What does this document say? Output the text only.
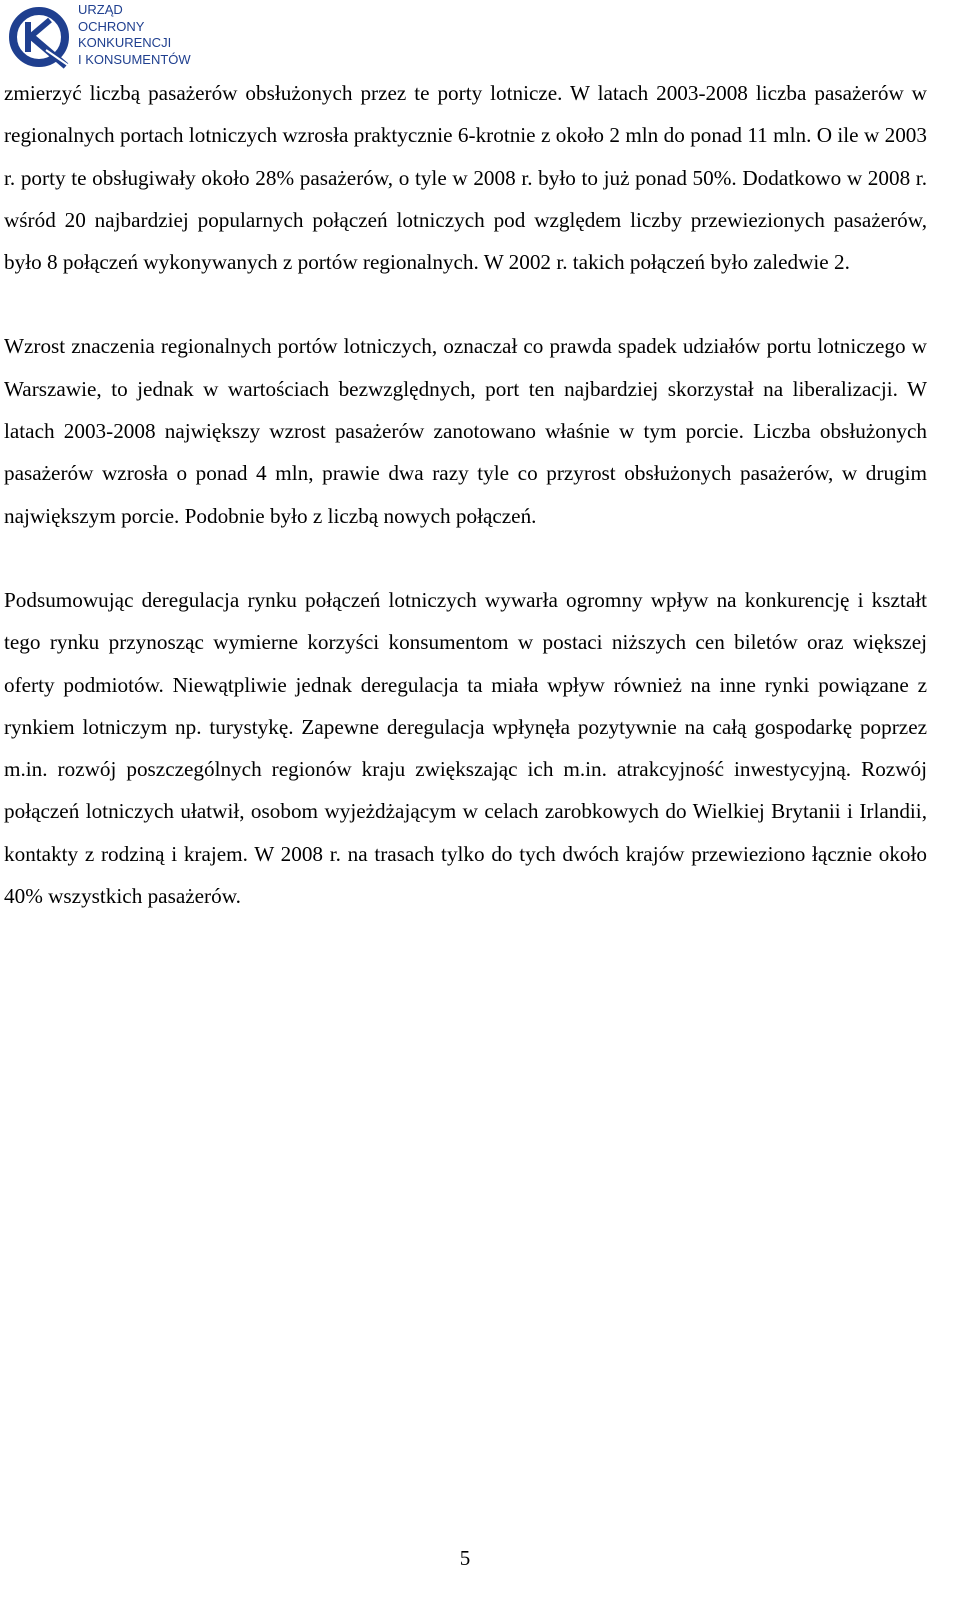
URZĄD
OCHRONY
KONKURENCJI
I KONSUMENTÓW

zmierzyć liczbą pasażerów obsłużonych przez te porty lotnicze. W latach 2003-2008 liczba pasażerów w regionalnych portach lotniczych wzrosła praktycznie 6-krotnie z około 2 mln do ponad 11 mln. O ile w 2003 r. porty te obsługiwały około 28% pasażerów, o tyle w 2008 r. było to już ponad 50%. Dodatkowo w 2008 r. wśród 20 najbardziej popularnych połączeń lotniczych pod względem liczby przewiezionych pasażerów, było 8 połączeń wykonywanych z portów regionalnych. W 2002 r. takich połączeń było zaledwie 2.

Wzrost znaczenia regionalnych portów lotniczych, oznaczał co prawda spadek udziałów portu lotniczego w Warszawie, to jednak w wartościach bezwzględnych, port ten najbardziej skorzystał na liberalizacji. W latach 2003-2008 największy wzrost pasażerów zanotowano właśnie w tym porcie. Liczba obsłużonych pasażerów wzrosła o ponad 4 mln, prawie dwa razy tyle co przyrost obsłużonych pasażerów, w drugim największym porcie. Podobnie było z liczbą nowych połączeń.

Podsumowując deregulacja rynku połączeń lotniczych wywarła ogromny wpływ na konkurencję i kształt tego rynku przynosząc wymierne korzyści konsumentom w postaci niższych cen biletów oraz większej oferty podmiotów. Niewątpliwie jednak deregulacja ta miała wpływ również na inne rynki powiązane z rynkiem lotniczym np. turystykę. Zapewne deregulacja wpłynęła pozytywnie na całą gospodarkę poprzez m.in. rozwój poszczególnych regionów kraju zwiększając ich m.in. atrakcyjność inwestycyjną. Rozwój połączeń lotniczych ułatwił, osobom wyjeżdżającym w celach zarobkowych do Wielkiej Brytanii i Irlandii, kontakty z rodziną i krajem. W 2008 r. na trasach tylko do tych dwóch krajów przewieziono łącznie około 40% wszystkich pasażerów.

5
